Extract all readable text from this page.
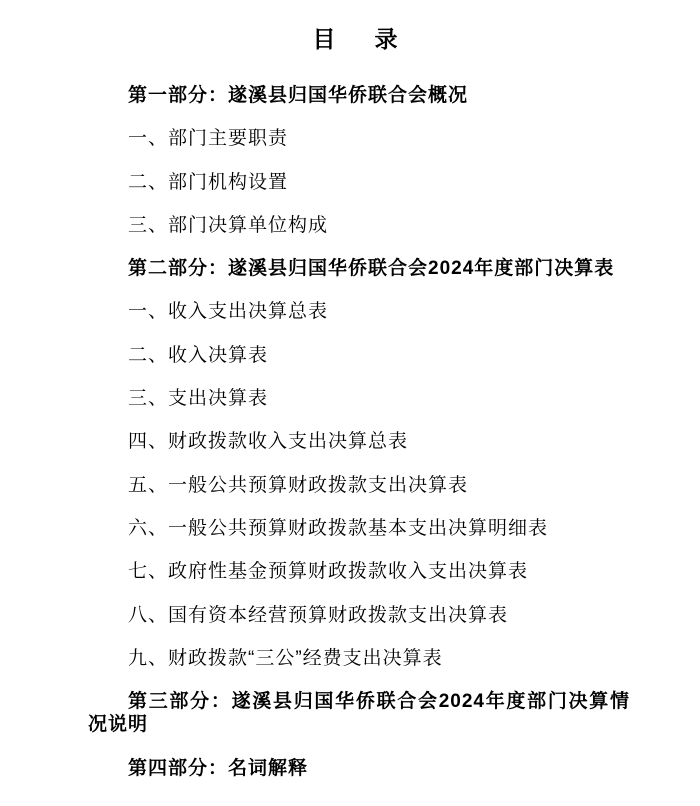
目　录

第一部分：遂溪县归国华侨联合会概况

一、部门主要职责

二、部门机构设置

三、部门决算单位构成

第二部分：遂溪县归国华侨联合会2024年度部门决算表

一、收入支出决算总表

二、收入决算表

三、支出决算表

四、财政拨款收入支出决算总表

五、一般公共预算财政拨款支出决算表

六、一般公共预算财政拨款基本支出决算明细表

七、政府性基金预算财政拨款收入支出决算表

八、国有资本经营预算财政拨款支出决算表

九、财政拨款“三公”经费支出决算表

第三部分：遂溪县归国华侨联合会2024年度部门决算情况说明

第四部分：名词解释
